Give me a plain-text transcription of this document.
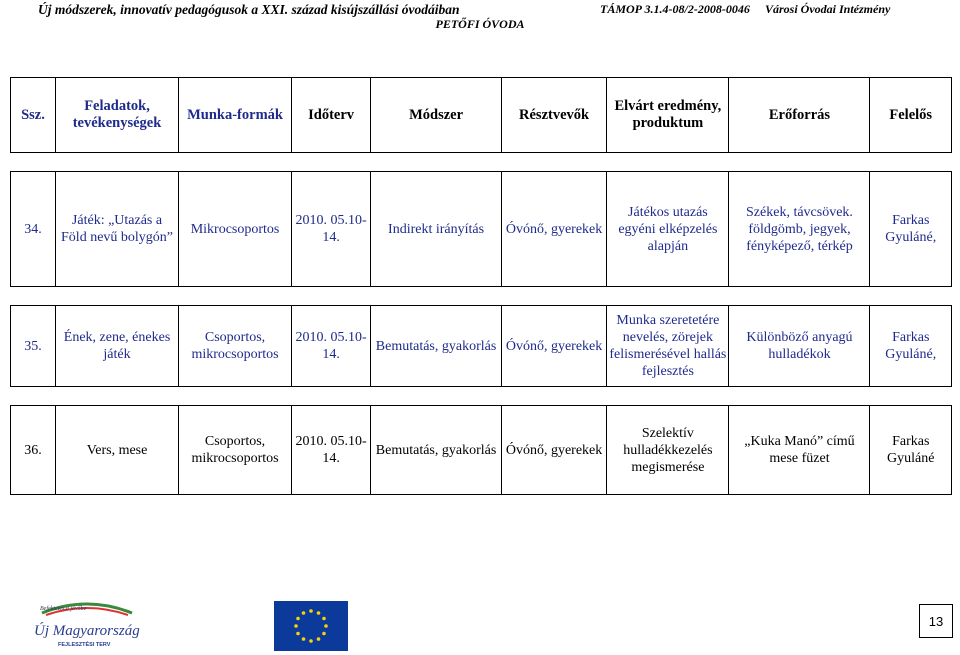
Új módszerek, innovatív pedagógusok a XXI. század kisújszállási óvodáiban	TÁMOP 3.1.4-08/2-2008-0046 Városi Óvodai Intézmény
PETŐFI ÓVODA
Ssz.	Feladatok, tevékenységek	Munka-formák	Időterv	Módszer	Résztvevők	Elvárt eredmény, produktum	Erőforrás	Felelős

34.	Játék: „Utazás a Föld nevű bolygón”	Mikrocsoportos	2010. 05.10-14.	Indirekt irányítás	Óvónő, gyerekek	Játékos utazás egyéni elképzelés alapján	Székek, távcsövek. földgömb, jegyek, fényképező, térkép	Farkas Gyuláné,

35.	Ének, zene, énekes játék	Csoportos, mikrocsoportos	2010. 05.10-14.	Bemutatás, gyakorlás	Óvónő, gyerekek	Munka szeretetére nevelés, zörejek felismerésével hallás fejlesztés	Különböző anyagú hulladékok	Farkas Gyuláné,

36.	Vers, mese	Csoportos, mikrocsoportos	2010. 05.10-14.	Bemutatás, gyakorlás	Óvónő, gyerekek	Szelektív hulladékkezelés megismerése	„Kuka Manó” című mese füzet	Farkas Gyuláné
Befektetés a jövőbe
Új Magyarország
FEJLESZTÉSI TERV
13
